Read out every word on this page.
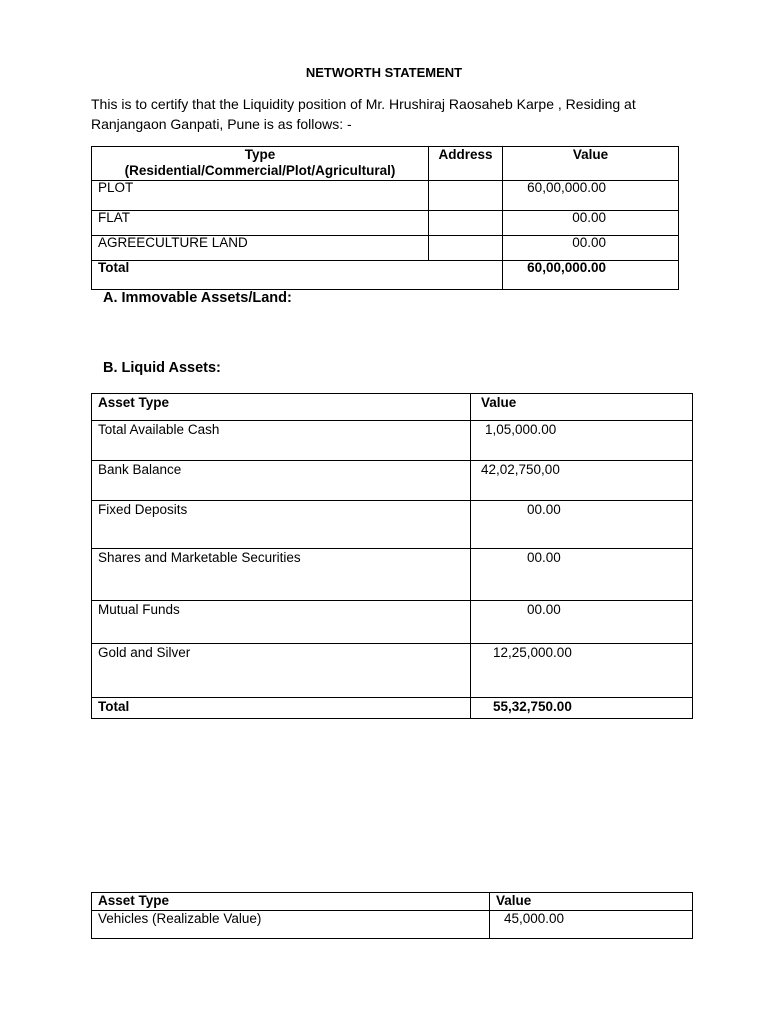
NETWORTH STATEMENT
This is to certify that the Liquidity position of Mr. Hrushiraj Raosaheb Karpe , Residing at Ranjangaon Ganpati, Pune is as follows: -
Type
(Residential/Commercial/Plot/Agricultural)	Address	Value
PLOT		60,00,000.00
FLAT		00.00
AGREECULTURE LAND		00.00
Total		60,00,000.00
A. Immovable Assets/Land:
B. Liquid Assets:
Asset Type	Value
Total Available Cash	1,05,000.00
Bank Balance	42,02,750,00
Fixed Deposits	00.00
Shares and Marketable Securities	00.00
Mutual Funds	00.00
Gold and Silver	12,25,000.00
Total	55,32,750.00
Asset Type	Value
Vehicles (Realizable Value)	45,000.00
